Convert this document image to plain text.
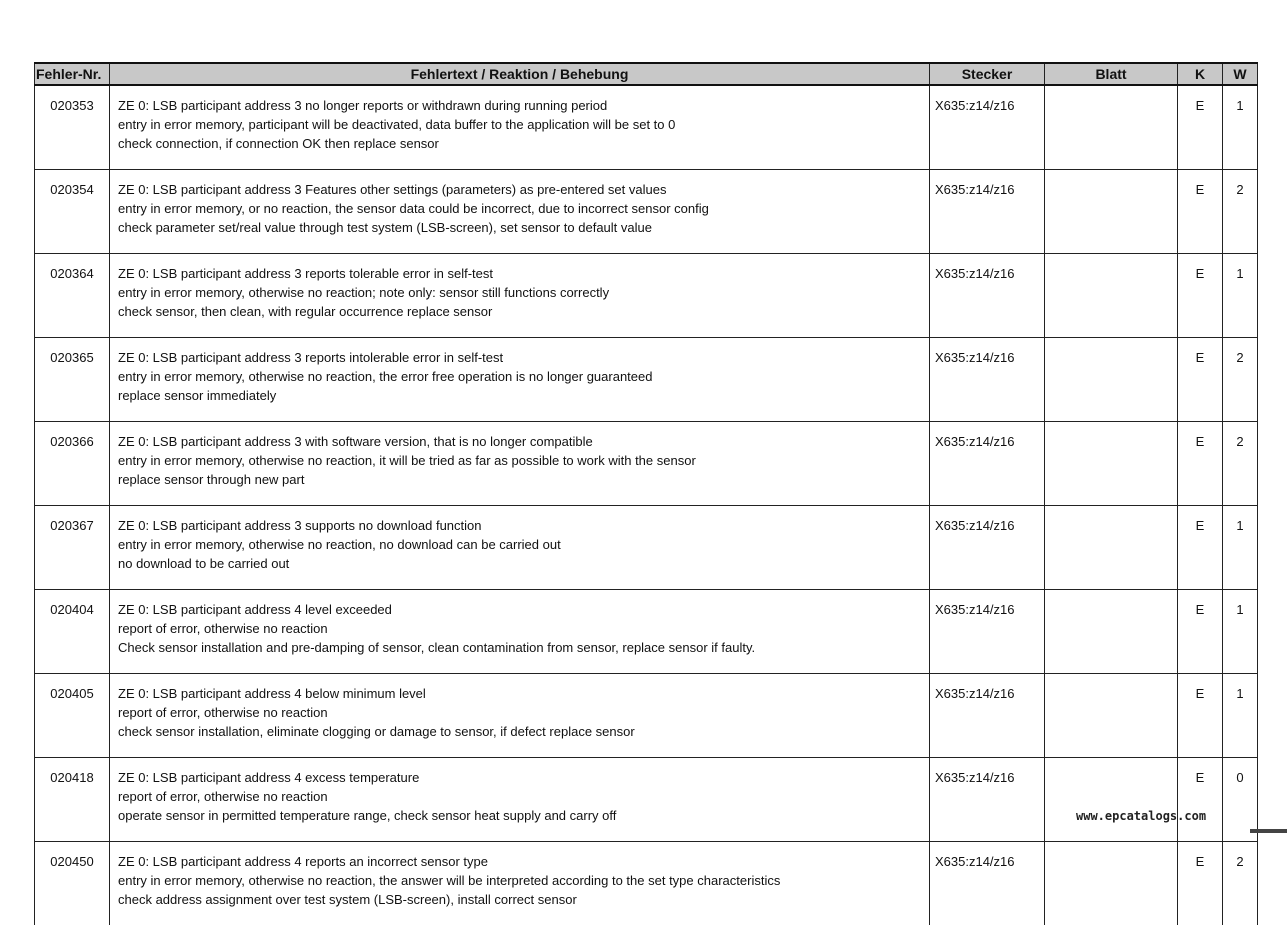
Fehler-Nr.	Fehlertext / Reaktion / Behebung	Stecker	Blatt	K	W
020353	ZE 0: LSB participant address 3 no longer reports or withdrawn during running period
entry in error memory, participant will be deactivated, data buffer to the application will be set to 0
check connection, if connection OK then replace sensor	X635:z14/z16		E	1
020354	ZE 0: LSB participant address 3 Features other settings (parameters) as pre-entered set values
entry in error memory, or no reaction, the sensor data could be incorrect, due to incorrect sensor config
check parameter set/real value through test system (LSB-screen), set sensor to default value	X635:z14/z16		E	2
020364	ZE 0: LSB participant address 3 reports tolerable error in self-test
entry in error memory, otherwise no reaction; note only: sensor still functions correctly
check sensor, then clean, with regular occurrence replace sensor	X635:z14/z16		E	1
020365	ZE 0: LSB participant address 3 reports intolerable error in self-test
entry in error memory, otherwise no reaction, the error free operation is no longer guaranteed
replace sensor immediately	X635:z14/z16		E	2
020366	ZE 0: LSB participant address 3 with software version, that is no longer compatible
entry in error memory, otherwise no reaction, it will be tried as far as possible to work with the sensor
replace sensor through new part	X635:z14/z16		E	2
020367	ZE 0: LSB participant address 3 supports no download function
entry in error memory, otherwise no reaction, no download can be carried out
no download to be carried out	X635:z14/z16		E	1
020404	ZE 0: LSB participant address 4 level exceeded
report of error, otherwise no reaction
Check sensor installation and pre-damping of sensor, clean contamination from sensor, replace sensor if faulty.	X635:z14/z16		E	1
020405	ZE 0: LSB participant address 4 below minimum level
report of error, otherwise no reaction
check sensor installation, eliminate clogging or damage to sensor, if defect replace sensor	X635:z14/z16		E	1
020418	ZE 0: LSB participant address 4 excess temperature
report of error, otherwise no reaction
operate sensor in permitted temperature range, check sensor heat supply and carry off	X635:z14/z16		E	0
020450	ZE 0: LSB participant address 4 reports an incorrect sensor type
entry in error memory, otherwise no reaction, the answer will be interpreted according to the set type characteristics
check address assignment over test system (LSB-screen), install correct sensor	X635:z14/z16		E	2
www.epcatalogs.com
